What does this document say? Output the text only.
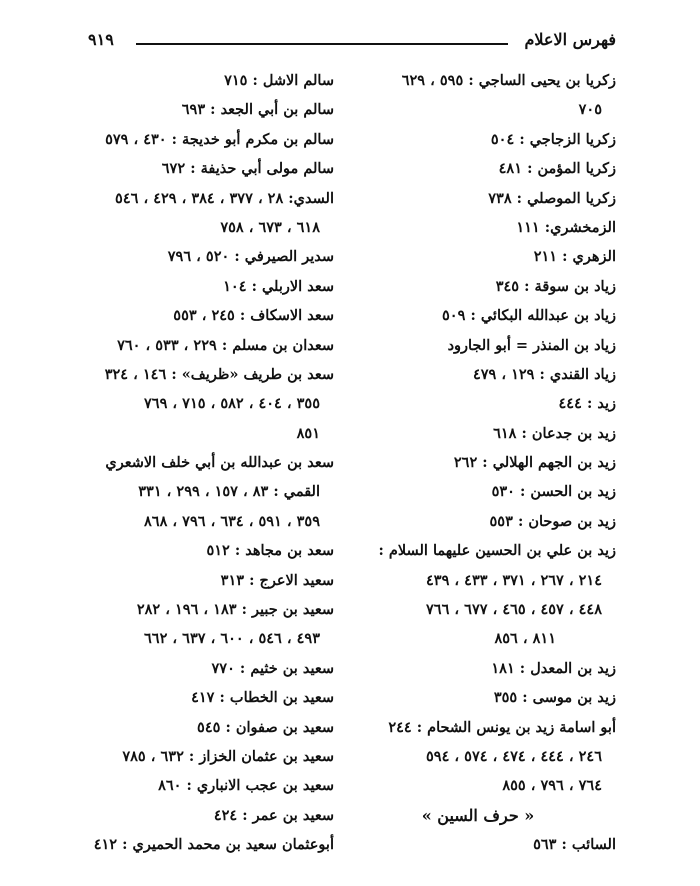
فهرس الاعلام
٩١٩
زكريا بن يحيى الساجي : ٥٩٥ ، ٦٢٩
٧٠٥
زكريا الزجاجي : ٥٠٤
زكريا المؤمن : ٤٨١
زكريا الموصلي : ٧٣٨
الزمخشري: ١١١
الزهري : ٢١١
زياد بن سوقة : ٣٤٥
زياد بن عبدالله البكائي : ٥٠٩
زياد بن المنذر = أبو الجارود
زياد القندي : ١٢٩ ، ٤٧٩
زيد : ٤٤٤
زيد بن جدعان : ٦١٨
زيد بن الجهم الهلالي : ٢٦٢
زيد بن الحسن : ٥٣٠
زيد بن صوحان : ٥٥٣
زيد بن علي بن الحسين عليهما السلام :
٢١٤ ، ٢٦٧ ، ٣٧١ ، ٤٣٣ ، ٤٣٩
٤٤٨ ، ٤٥٧ ، ٤٦٥ ، ٦٧٧ ، ٧٦٦
٨١١ ، ٨٥٦
زيد بن المعدل : ١٨١
زيد بن موسى : ٣٥٥
أبو اسامة زيد بن يونس الشحام : ٢٤٤
٢٤٦ ، ٤٤٤ ، ٤٧٤ ، ٥٧٤ ، ٥٩٤
٧٦٤ ، ٧٩٦ ، ٨٥٥
« حرف السين »
السائب : ٥٦٣
سالم الاشل : ٧١٥
سالم بن أبي الجعد : ٦٩٣
سالم بن مكرم أبو خديجة : ٤٣٠ ، ٥٧٩
سالم مولى أبي حذيفة : ٦٧٢
السدي: ٢٨ ، ٣٧٧ ، ٣٨٤ ، ٤٢٩ ، ٥٤٦
٦١٨ ، ٦٧٣ ، ٧٥٨
سدير الصيرفي : ٥٢٠ ، ٧٩٦
سعد الاربلي : ١٠٤
سعد الاسكاف : ٢٤٥ ، ٥٥٣
سعدان بن مسلم : ٢٢٩ ، ٥٣٣ ، ٧٦٠
سعد بن طريف «ظريف» : ١٤٦ ، ٣٢٤
٣٥٥ ، ٤٠٤ ، ٥٨٢ ، ٧١٥ ، ٧٦٩
٨٥١
سعد بن عبدالله بن أبي خلف الاشعري
القمي : ٨٣ ، ١٥٧ ، ٢٩٩ ، ٣٣١
٣٥٩ ، ٥٩١ ، ٦٣٤ ، ٧٩٦ ، ٨٦٨
سعد بن مجاهد : ٥١٢
سعيد الاعرج : ٣١٣
سعيد بن جبير : ١٨٣ ، ١٩٦ ، ٢٨٢
٤٩٣ ، ٥٤٦ ، ٦٠٠ ، ٦٣٧ ، ٦٦٢
سعيد بن خثيم : ٧٧٠
سعيد بن الخطاب : ٤١٧
سعيد بن صفوان : ٥٤٥
سعيد بن عثمان الخزاز : ٦٣٢ ، ٧٨٥
سعيد بن عجب الانباري : ٨٦٠
سعيد بن عمر : ٤٢٤
أبوعثمان سعيد بن محمد الحميري : ٤١٢
